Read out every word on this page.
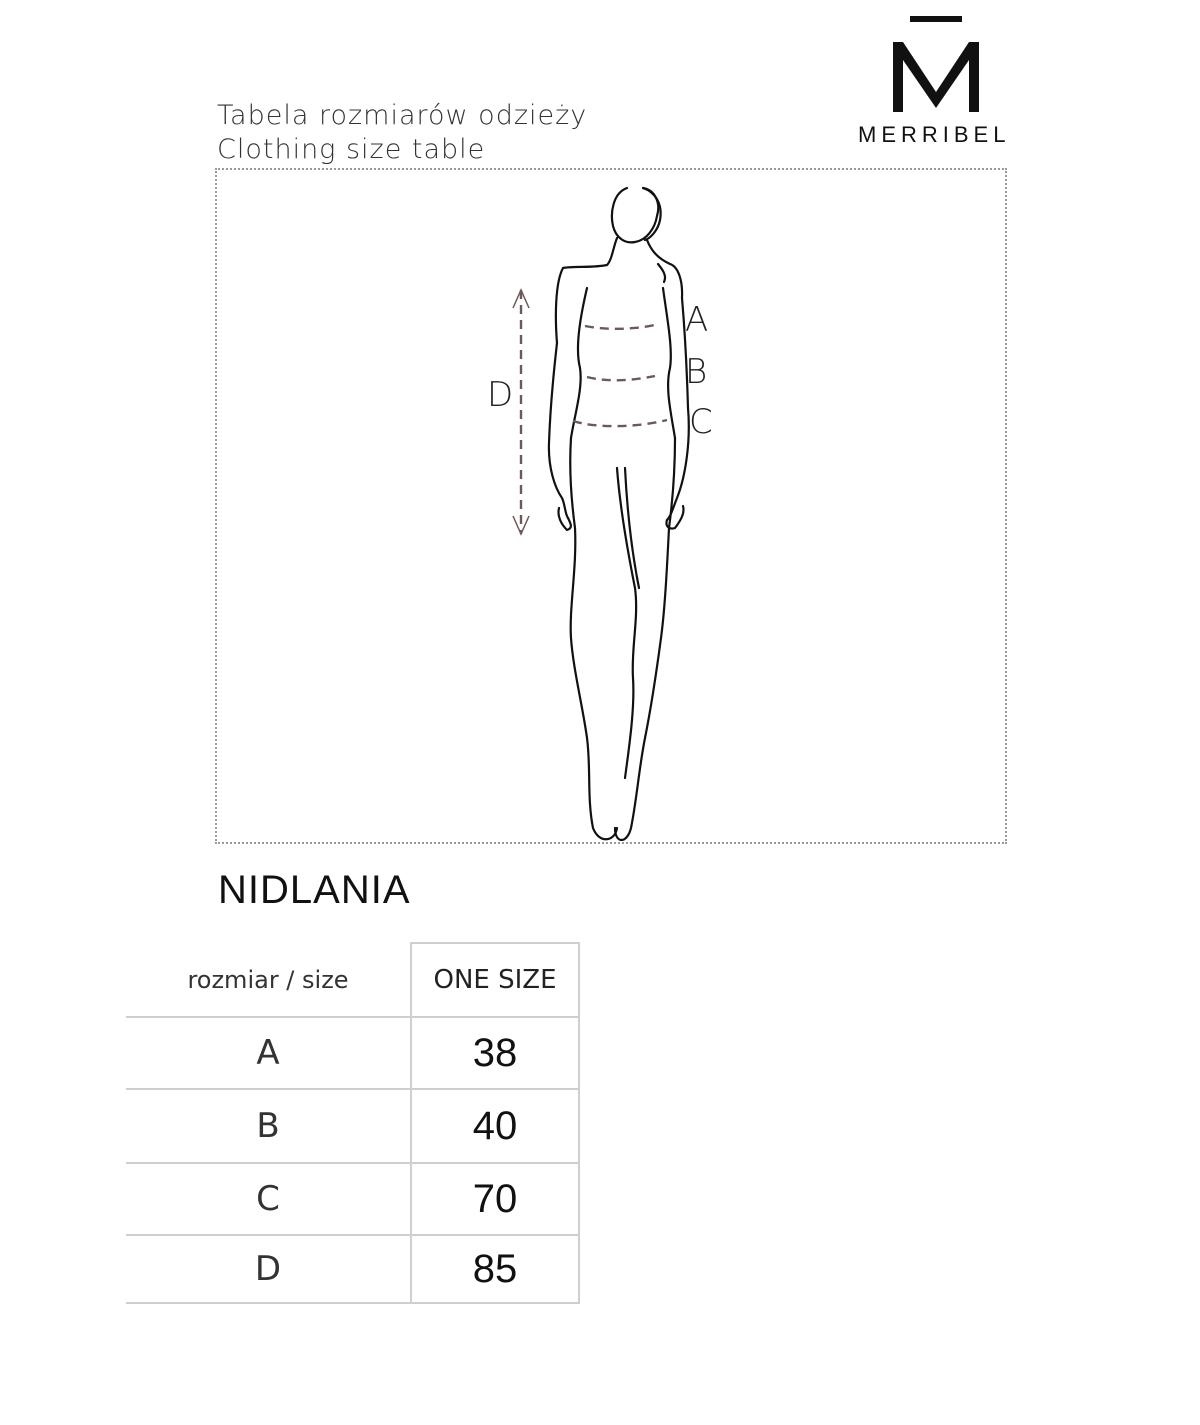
Tabela rozmiarów odzieży
Clothing size table	MERRIBEL
A
B
C
D
NIDLANIA
rozmiar / size	ONE SIZE
A	38
B	40
C	70
D	85
